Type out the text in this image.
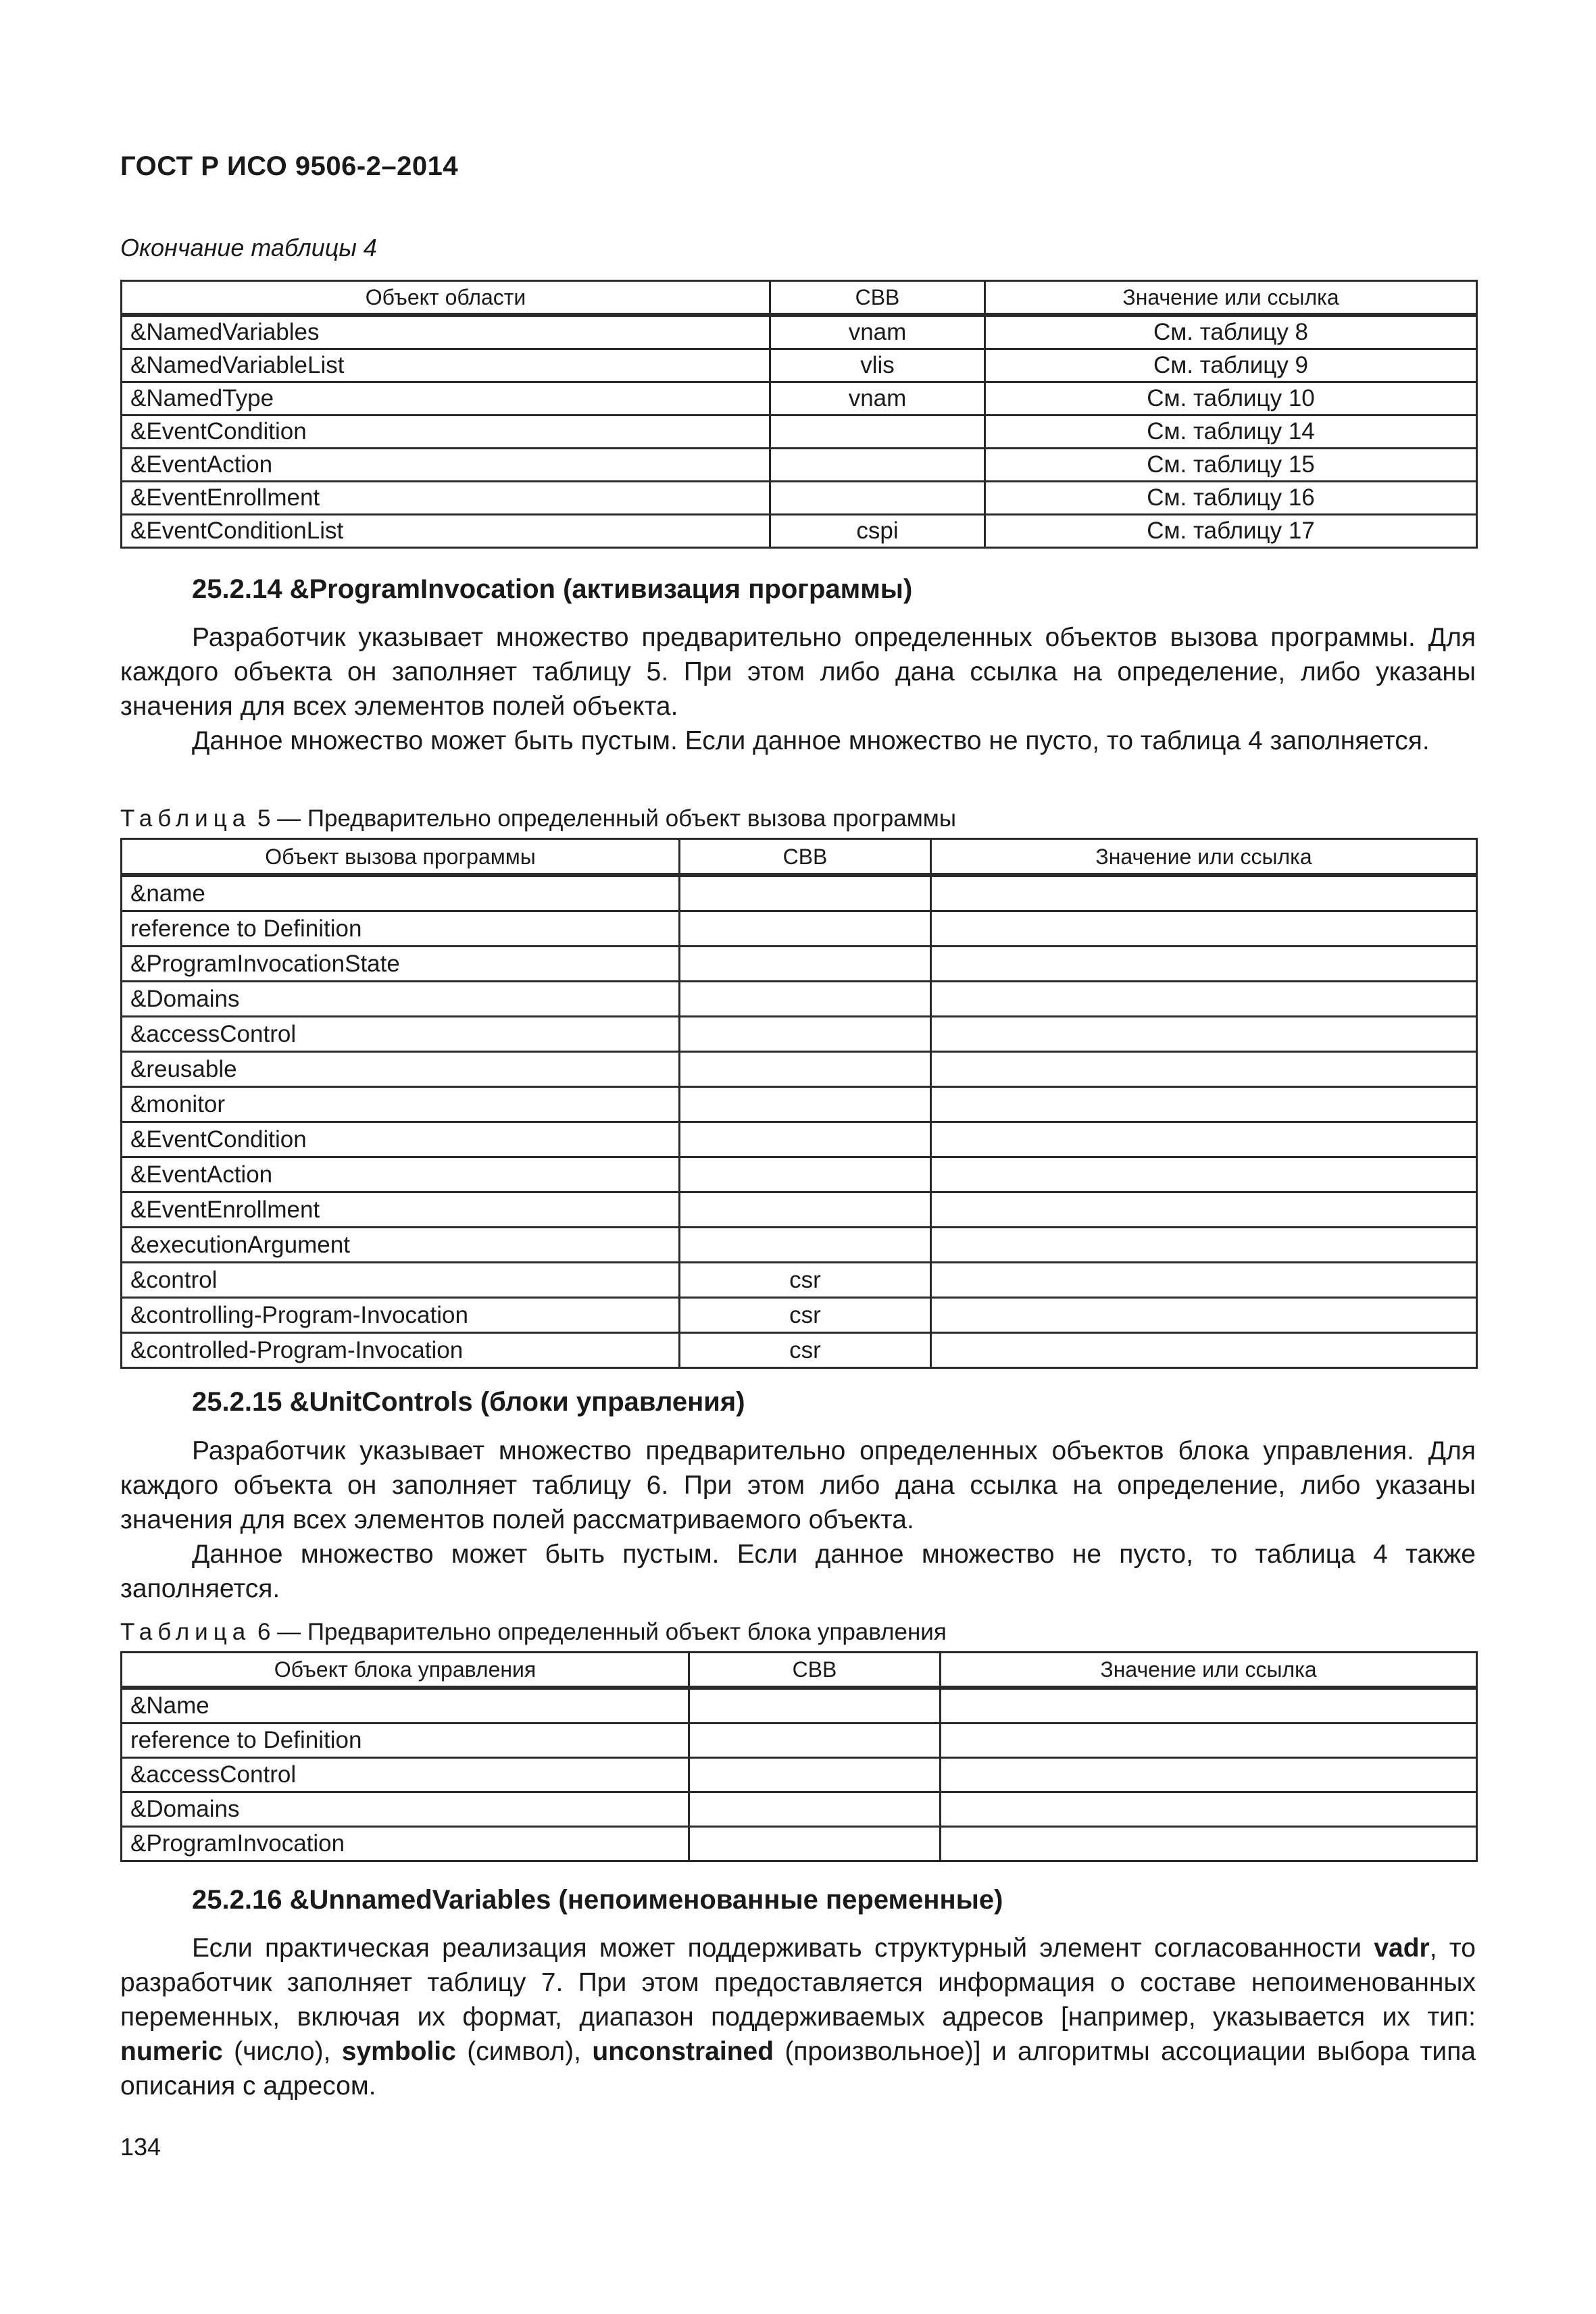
ГОСТ Р ИСО 9506-2–2014
Окончание таблицы 4
Объект области	СВВ	Значение или ссылка
&NamedVariables	vnam	См. таблицу 8
&NamedVariableList	vlis	См. таблицу 9
&NamedType	vnam	См. таблицу 10
&EventCondition		См. таблицу 14
&EventAction		См. таблицу 15
&EventEnrollment		См. таблицу 16
&EventConditionList	cspi	См. таблицу 17
25.2.14 &ProgramInvocation (активизация программы)

Разработчик указывает множество предварительно определенных объектов вызова программы. Для каждого объекта он заполняет таблицу 5. При этом либо дана ссылка на определение, либо указаны значения для всех элементов полей объекта.

Данное множество может быть пустым. Если данное множество не пусто, то таблица 4 заполняется.

Таблица 5 — Предварительно определенный объект вызова программы
Объект вызова программы	СВВ	Значение или ссылка
&name		
reference to Definition		
&ProgramInvocationState		
&Domains		
&accessControl		
&reusable		
&monitor		
&EventCondition		
&EventAction		
&EventEnrollment		
&executionArgument		
&control	csr	
&controlling-Program-Invocation	csr	
&controlled-Program-Invocation	csr	
25.2.15 &UnitControls (блоки управления)

Разработчик указывает множество предварительно определенных объектов блока управления. Для каждого объекта он заполняет таблицу 6. При этом либо дана ссылка на определение, либо указаны значения для всех элементов полей рассматриваемого объекта.

Данное множество может быть пустым. Если данное множество не пусто, то таблица 4 также заполняется.

Таблица 6 — Предварительно определенный объект блока управления
Объект блока управления	СВВ	Значение или ссылка
&Name		
reference to Definition		
&accessControl		
&Domains		
&ProgramInvocation		
25.2.16 &UnnamedVariables (непоименованные переменные)

Если практическая реализация может поддерживать структурный элемент согласованности vadr, то разработчик заполняет таблицу 7. При этом предоставляется информация о составе непоименованных переменных, включая их формат, диапазон поддерживаемых адресов [например, указывается их тип: numeric (число), symbolic (символ), unconstrained (произвольное)] и алгоритмы ассоциации выбора типа описания с адресом.

134
